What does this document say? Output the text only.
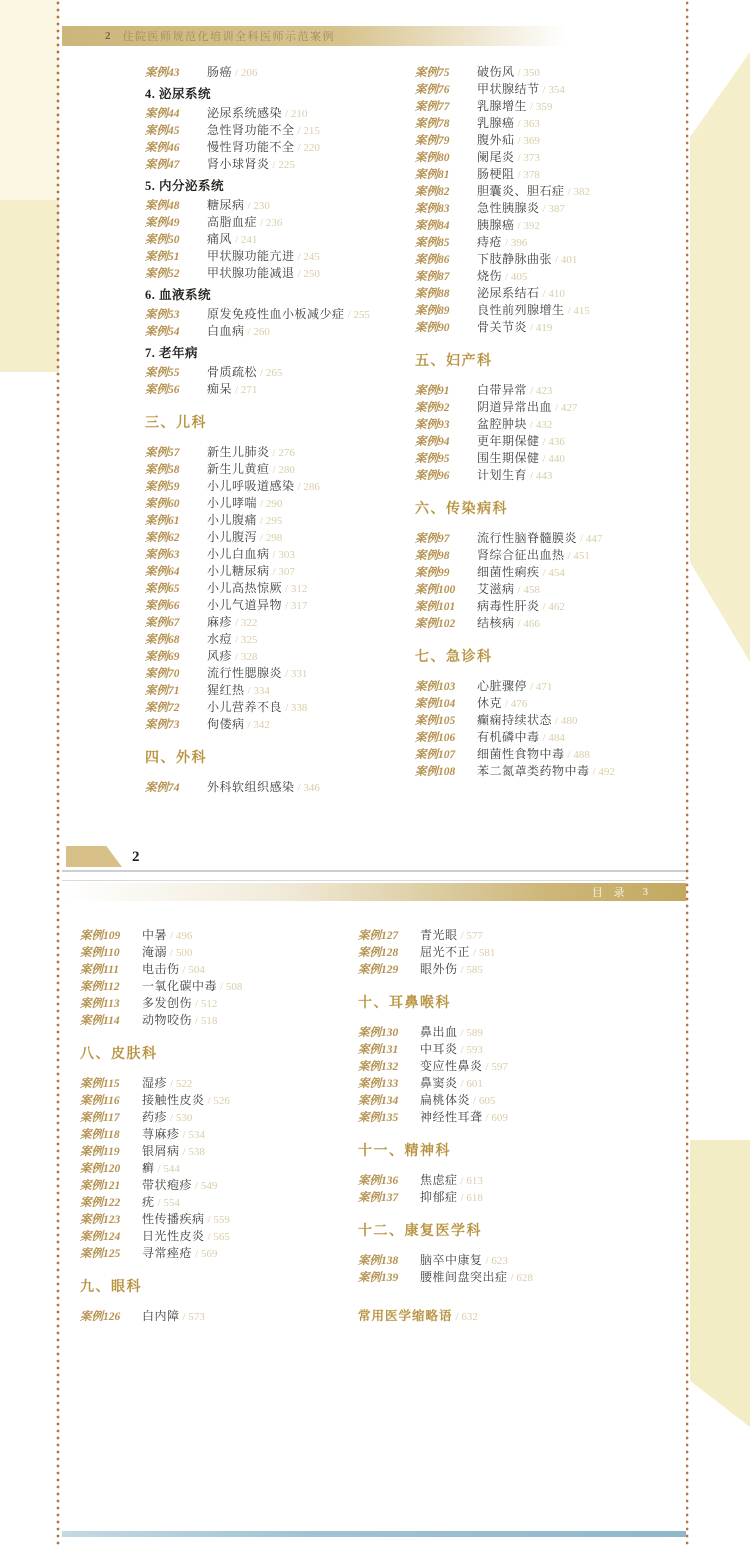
2 住院医师规范化培训全科医师示范案例
案例43	肠癌 / 206
4. 泌尿系统
案例44	泌尿系统感染 / 210
案例45	急性肾功能不全 / 215
案例46	慢性肾功能不全 / 220
案例47	肾小球肾炎 / 225
5. 内分泌系统
案例48	糖尿病 / 230
案例49	高脂血症 / 236
案例50	痛风 / 241
案例51	甲状腺功能亢进 / 245
案例52	甲状腺功能减退 / 250
6. 血液系统
案例53	原发免疫性血小板减少症 / 255
案例54	白血病 / 260
7. 老年病
案例55	骨质疏松 / 265
案例56	痴呆 / 271
三、儿科
案例57	新生儿肺炎 / 276
案例58	新生儿黄疸 / 280
案例59	小儿呼吸道感染 / 286
案例60	小儿哮喘 / 290
案例61	小儿腹痛 / 295
案例62	小儿腹泻 / 298
案例63	小儿白血病 / 303
案例64	小儿糖尿病 / 307
案例65	小儿高热惊厥 / 312
案例66	小儿气道异物 / 317
案例67	麻疹 / 322
案例68	水痘 / 325
案例69	风疹 / 328
案例70	流行性腮腺炎 / 331
案例71	猩红热 / 334
案例72	小儿营养不良 / 338
案例73	佝偻病 / 342
四、外科
案例74	外科软组织感染 / 346
案例75	破伤风 / 350
案例76	甲状腺结节 / 354
案例77	乳腺增生 / 359
案例78	乳腺癌 / 363
案例79	腹外疝 / 369
案例80	阑尾炎 / 373
案例81	肠梗阻 / 378
案例82	胆囊炎、胆石症 / 382
案例83	急性胰腺炎 / 387
案例84	胰腺癌 / 392
案例85	痔疮 / 396
案例86	下肢静脉曲张 / 401
案例87	烧伤 / 405
案例88	泌尿系结石 / 410
案例89	良性前列腺增生 / 415
案例90	骨关节炎 / 419
五、妇产科
案例91	白带异常 / 423
案例92	阴道异常出血 / 427
案例93	盆腔肿块 / 432
案例94	更年期保健 / 436
案例95	围生期保健 / 440
案例96	计划生育 / 443
六、传染病科
案例97	流行性脑脊髓膜炎 / 447
案例98	肾综合征出血热 / 451
案例99	细菌性痢疾 / 454
案例100	艾滋病 / 458
案例101	病毒性肝炎 / 462
案例102	结核病 / 466
七、急诊科
案例103	心脏骤停 / 471
案例104	休克 / 476
案例105	癫痫持续状态 / 480
案例106	有机磷中毒 / 484
案例107	细菌性食物中毒 / 488
案例108	苯二氮䓬类药物中毒 / 492
2
目 录 3
案例109	中暑 / 496
案例110	淹溺 / 500
案例111	电击伤 / 504
案例112	一氧化碳中毒 / 508
案例113	多发创伤 / 512
案例114	动物咬伤 / 518
八、皮肤科
案例115	湿疹 / 522
案例116	接触性皮炎 / 526
案例117	药疹 / 530
案例118	荨麻疹 / 534
案例119	银屑病 / 538
案例120	癣 / 544
案例121	带状疱疹 / 549
案例122	疣 / 554
案例123	性传播疾病 / 559
案例124	日光性皮炎 / 565
案例125	寻常痤疮 / 569
九、眼科
案例126	白内障 / 573
案例127	青光眼 / 577
案例128	屈光不正 / 581
案例129	眼外伤 / 585
十、耳鼻喉科
案例130	鼻出血 / 589
案例131	中耳炎 / 593
案例132	变应性鼻炎 / 597
案例133	鼻窦炎 / 601
案例134	扁桃体炎 / 605
案例135	神经性耳聋 / 609
十一、精神科
案例136	焦虑症 / 613
案例137	抑郁症 / 618
十二、康复医学科
案例138	脑卒中康复 / 623
案例139	腰椎间盘突出症 / 628
常用医学缩略语 / 632
